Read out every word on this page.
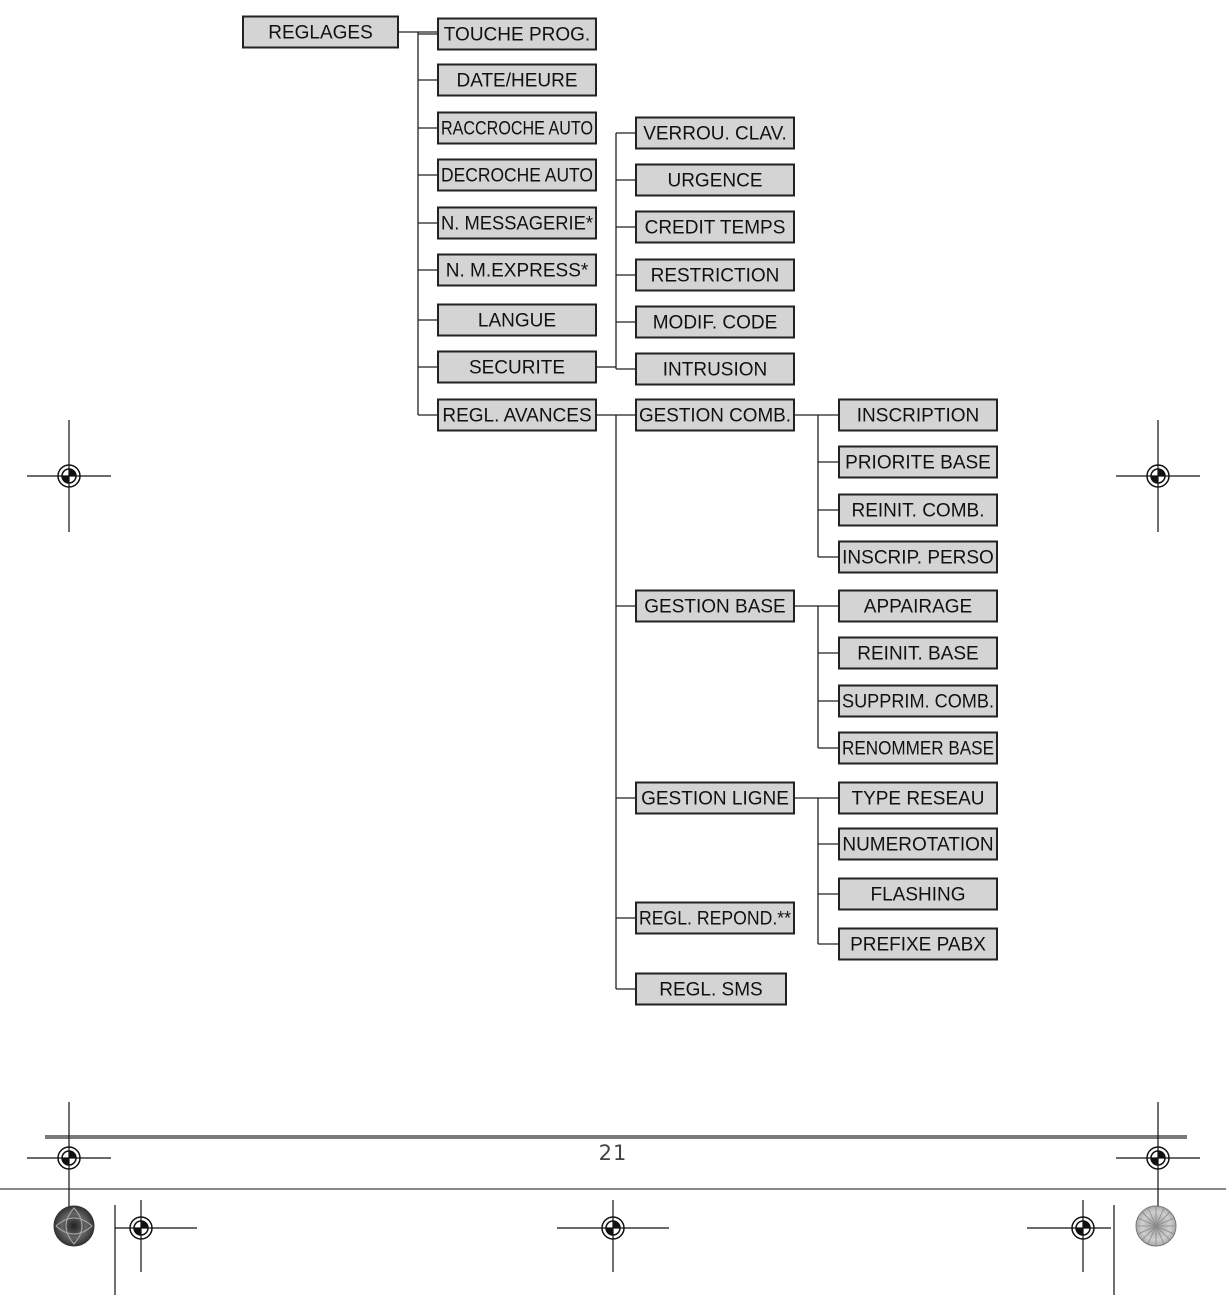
REGLAGES	TOUCHE PROG.
DATE/HEURE
RACCROCHE AUTO
DECROCHE AUTO
N. MESSAGERIE*
N. M.EXPRESS*
LANGUE
SECURITE
REGL. AVANCES
VERROU. CLAV.
URGENCE
CREDIT TEMPS
RESTRICTION
MODIF. CODE
INTRUSION
GESTION COMB.
GESTION BASE
GESTION LIGNE
REGL. REPOND.**
REGL. SMS
INSCRIPTION
PRIORITE BASE
REINIT. COMB.
INSCRIP. PERSO
APPAIRAGE
REINIT. BASE
SUPPRIM. COMB.
RENOMMER BASE
TYPE RESEAU
NUMEROTATION
FLASHING
PREFIXE PABX
21
